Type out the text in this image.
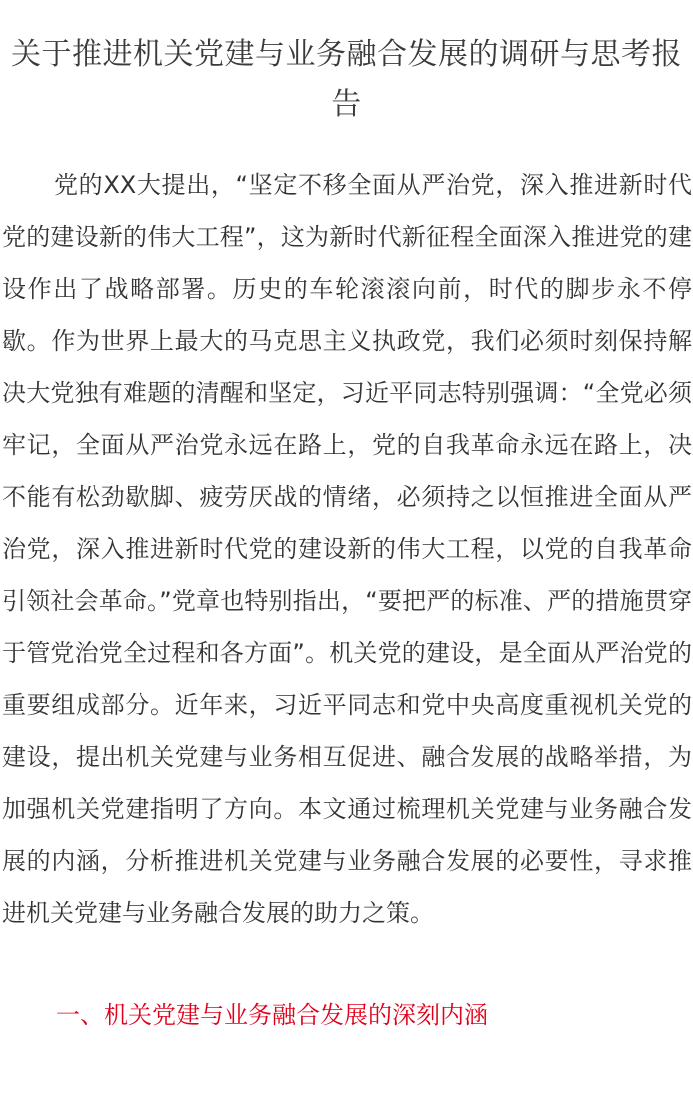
关于推进机关党建与业务融合发展的调研与思考报告

党的XX大提出，“坚定不移全面从严治党，深入推进新时代党的建设新的伟大工程”，这为新时代新征程全面深入推进党的建设作出了战略部署。历史的车轮滚滚向前，时代的脚步永不停歇。作为世界上最大的马克思主义执政党，我们必须时刻保持解决大党独有难题的清醒和坚定，习近平同志特别强调：“全党必须牢记，全面从严治党永远在路上，党的自我革命永远在路上，决不能有松劲歇脚、疲劳厌战的情绪，必须持之以恒推进全面从严治党，深入推进新时代党的建设新的伟大工程，以党的自我革命引领社会革命。”党章也特别指出，“要把严的标准、严的措施贯穿于管党治党全过程和各方面”。机关党的建设，是全面从严治党的重要组成部分。近年来，习近平同志和党中央高度重视机关党的建设，提出机关党建与业务相互促进、融合发展的战略举措，为加强机关党建指明了方向。本文通过梳理机关党建与业务融合发展的内涵，分析推进机关党建与业务融合发展的必要性，寻求推进机关党建与业务融合发展的助力之策。

一、机关党建与业务融合发展的深刻内涵
